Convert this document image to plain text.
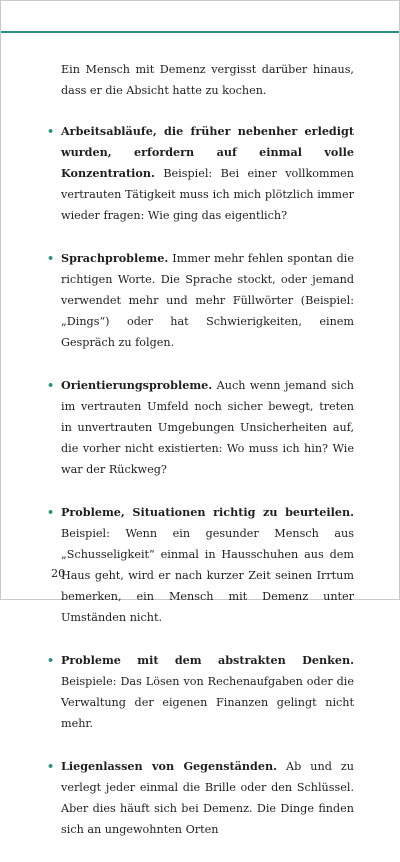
Ein Mensch mit Demenz vergisst darüber hinaus, dass er die Absicht hatte zu kochen.

• Arbeitsabläufe, die früher nebenher erledigt wurden, erfordern auf einmal volle Konzentration. Beispiel: Bei einer vollkommen vertrauten Tätigkeit muss ich mich plötzlich immer wieder fragen: Wie ging das eigentlich?
• Sprachprobleme. Immer mehr fehlen spontan die richtigen Worte. Die Sprache stockt, oder jemand verwendet mehr und mehr Füllwörter (Beispiel: „Dings“) oder hat Schwierigkeiten, einem Gespräch zu folgen.
• Orientierungsprobleme. Auch wenn jemand sich im vertrauten Umfeld noch sicher bewegt, treten in unvertrauten Umgebungen Unsicherheiten auf, die vorher nicht existierten: Wo muss ich hin? Wie war der Rückweg?
• Probleme, Situationen richtig zu beurteilen. Beispiel: Wenn ein gesunder Mensch aus „Schusseligkeit“ einmal in Hausschuhen aus dem Haus geht, wird er nach kurzer Zeit seinen Irrtum bemerken, ein Mensch mit Demenz unter Umständen nicht.
• Probleme mit dem abstrakten Denken. Beispiele: Das Lösen von Rechenaufgaben oder die Verwaltung der eigenen Finanzen gelingt nicht mehr.
• Liegenlassen von Gegenständen. Ab und zu verlegt jeder einmal die Brille oder den Schlüssel. Aber dies häuft sich bei Demenz. Die Dinge finden sich an ungewohnten Orten
20
